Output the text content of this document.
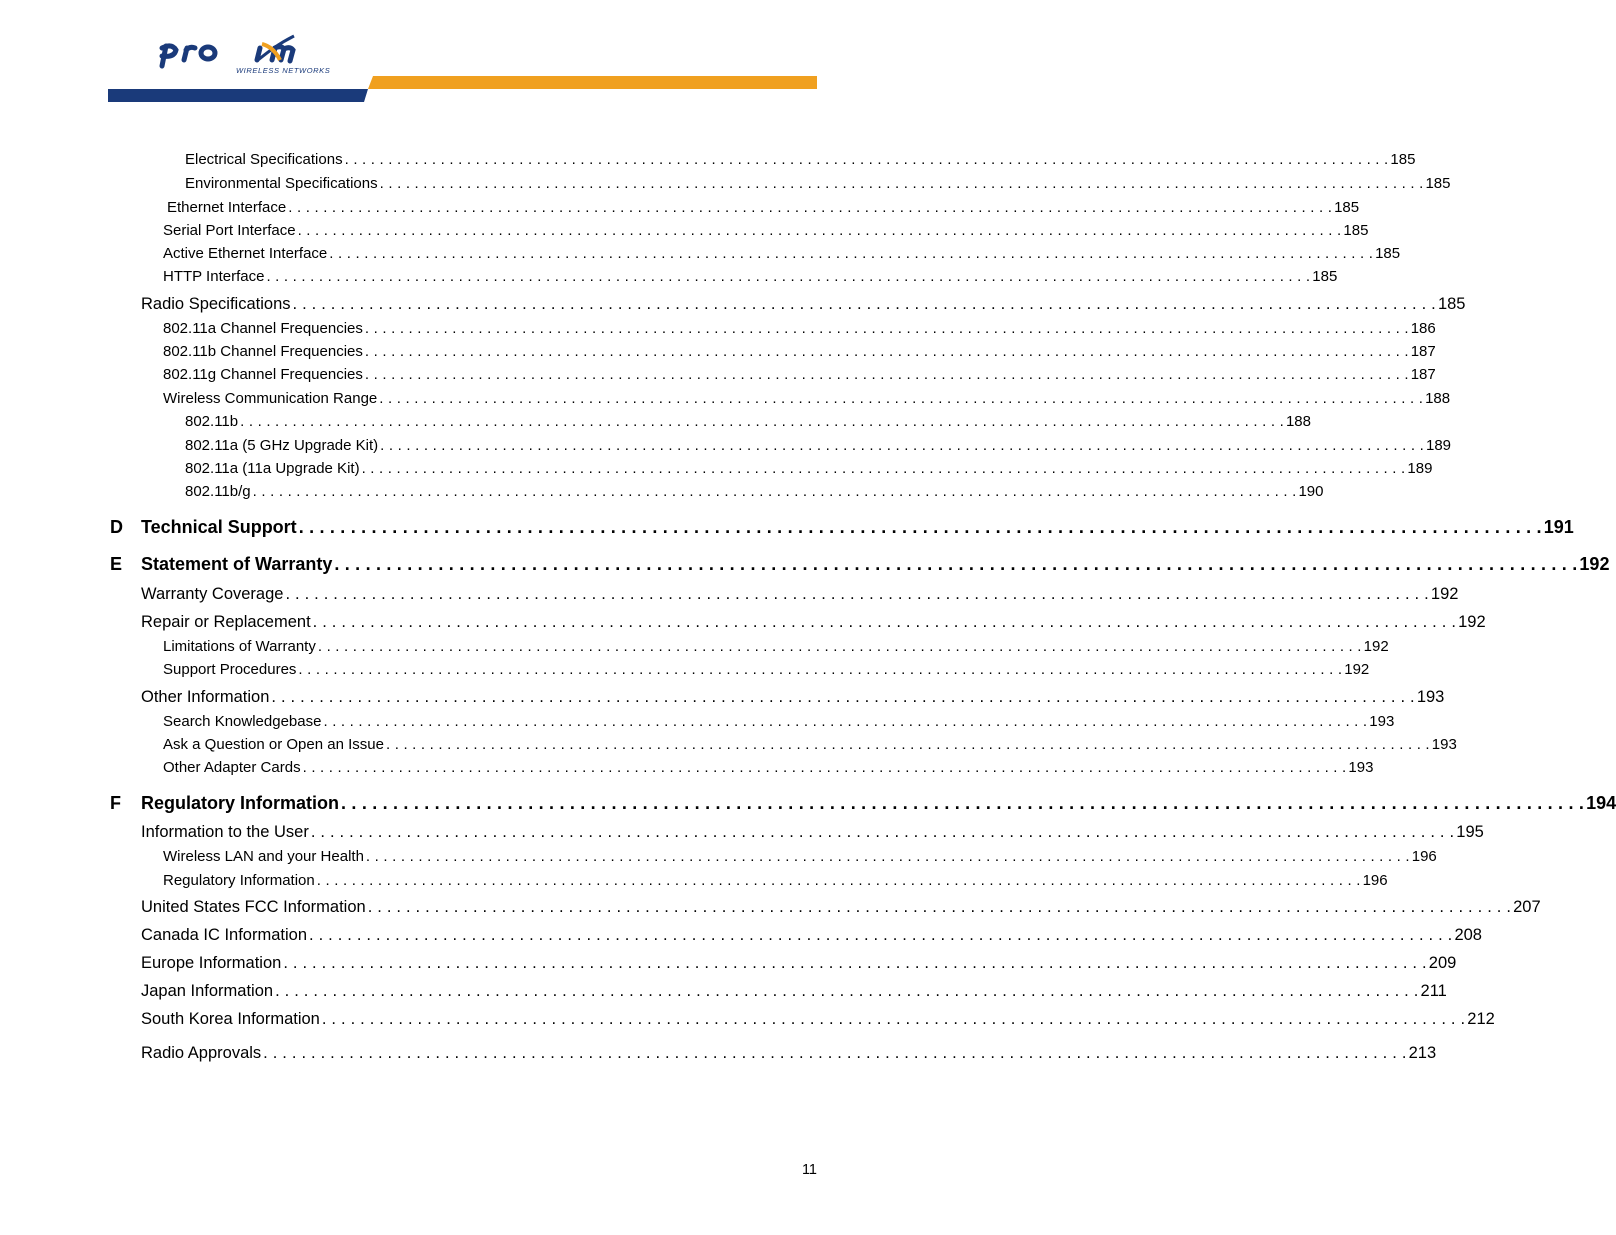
WIRELESS NETWORKS
Electrical Specifications . . . . . . . . . . . . . . . . . . . . . . . . . . . . . . . . . . . . . . . . . . . . . . . . . . . . . . . . . . . . . . . . . . . . . . . . . . . . . . . . . . . . . . . . . . . . . . . . . . . . . . . . . . . . . . . . . . . . . . . . 185
Environmental Specifications . . . . . . . . . . . . . . . . . . . . . . . . . . . . . . . . . . . . . . . . . . . . . . . . . . . . . . . . . . . . . . . . . . . . . . . . . . . . . . . . . . . . . . . . . . . . . . . . . . . . . . . . . . . . . . . . . . . . . . . . 185
Ethernet Interface . . . . . . . . . . . . . . . . . . . . . . . . . . . . . . . . . . . . . . . . . . . . . . . . . . . . . . . . . . . . . . . . . . . . . . . . . . . . . . . . . . . . . . . . . . . . . . . . . . . . . . . . . . . . . . . . . . . . . . . . 185
Serial Port Interface . . . . . . . . . . . . . . . . . . . . . . . . . . . . . . . . . . . . . . . . . . . . . . . . . . . . . . . . . . . . . . . . . . . . . . . . . . . . . . . . . . . . . . . . . . . . . . . . . . . . . . . . . . . . . . . . . . . . . . . . 185
Active Ethernet Interface . . . . . . . . . . . . . . . . . . . . . . . . . . . . . . . . . . . . . . . . . . . . . . . . . . . . . . . . . . . . . . . . . . . . . . . . . . . . . . . . . . . . . . . . . . . . . . . . . . . . . . . . . . . . . . . . . . . . . . . . 185
HTTP Interface . . . . . . . . . . . . . . . . . . . . . . . . . . . . . . . . . . . . . . . . . . . . . . . . . . . . . . . . . . . . . . . . . . . . . . . . . . . . . . . . . . . . . . . . . . . . . . . . . . . . . . . . . . . . . . . . . . . . . . . . 185
Radio Specifications . . . . . . . . . . . . . . . . . . . . . . . . . . . . . . . . . . . . . . . . . . . . . . . . . . . . . . . . . . . . . . . . . . . . . . . . . . . . . . . . . . . . . . . . . . . . . . . . . . . . . . . . . . . . . . . . . . . . . . . . 185
802.11a Channel Frequencies . . . . . . . . . . . . . . . . . . . . . . . . . . . . . . . . . . . . . . . . . . . . . . . . . . . . . . . . . . . . . . . . . . . . . . . . . . . . . . . . . . . . . . . . . . . . . . . . . . . . . . . . . . . . . . . . . . . . . . . . 186
802.11b Channel Frequencies . . . . . . . . . . . . . . . . . . . . . . . . . . . . . . . . . . . . . . . . . . . . . . . . . . . . . . . . . . . . . . . . . . . . . . . . . . . . . . . . . . . . . . . . . . . . . . . . . . . . . . . . . . . . . . . . . . . . . . . . 187
802.11g Channel Frequencies . . . . . . . . . . . . . . . . . . . . . . . . . . . . . . . . . . . . . . . . . . . . . . . . . . . . . . . . . . . . . . . . . . . . . . . . . . . . . . . . . . . . . . . . . . . . . . . . . . . . . . . . . . . . . . . . . . . . . . . . 187
Wireless Communication Range . . . . . . . . . . . . . . . . . . . . . . . . . . . . . . . . . . . . . . . . . . . . . . . . . . . . . . . . . . . . . . . . . . . . . . . . . . . . . . . . . . . . . . . . . . . . . . . . . . . . . . . . . . . . . . . . . . . . . . . . 188
802.11b . . . . . . . . . . . . . . . . . . . . . . . . . . . . . . . . . . . . . . . . . . . . . . . . . . . . . . . . . . . . . . . . . . . . . . . . . . . . . . . . . . . . . . . . . . . . . . . . . . . . . . . . . . . . . . . . . . . . . . . . 188
802.11a (5 GHz Upgrade Kit) . . . . . . . . . . . . . . . . . . . . . . . . . . . . . . . . . . . . . . . . . . . . . . . . . . . . . . . . . . . . . . . . . . . . . . . . . . . . . . . . . . . . . . . . . . . . . . . . . . . . . . . . . . . . . . . . . . . . . . . . 189
802.11a (11a Upgrade Kit) . . . . . . . . . . . . . . . . . . . . . . . . . . . . . . . . . . . . . . . . . . . . . . . . . . . . . . . . . . . . . . . . . . . . . . . . . . . . . . . . . . . . . . . . . . . . . . . . . . . . . . . . . . . . . . . . . . . . . . . . 189
802.11b/g . . . . . . . . . . . . . . . . . . . . . . . . . . . . . . . . . . . . . . . . . . . . . . . . . . . . . . . . . . . . . . . . . . . . . . . . . . . . . . . . . . . . . . . . . . . . . . . . . . . . . . . . . . . . . . . . . . . . . . . . 190
D Technical Support . . . . . . . . . . . . . . . . . . . . . . . . . . . . . . . . . . . . . . . . . . . . . . . . . . . . . . . . . . . . . . . . . . . . . . . . . . . . . . . . . . . . . . . . . . . . . . . . . . . . . . . . . . . . . . . . . . . . . . . . 191
E Statement of Warranty . . . . . . . . . . . . . . . . . . . . . . . . . . . . . . . . . . . . . . . . . . . . . . . . . . . . . . . . . . . . . . . . . . . . . . . . . . . . . . . . . . . . . . . . . . . . . . . . . . . . . . . . . . . . . . . . . . . . . . . . 192
Warranty Coverage . . . . . . . . . . . . . . . . . . . . . . . . . . . . . . . . . . . . . . . . . . . . . . . . . . . . . . . . . . . . . . . . . . . . . . . . . . . . . . . . . . . . . . . . . . . . . . . . . . . . . . . . . . . . . . . . . . . . . . . . 192
Repair or Replacement . . . . . . . . . . . . . . . . . . . . . . . . . . . . . . . . . . . . . . . . . . . . . . . . . . . . . . . . . . . . . . . . . . . . . . . . . . . . . . . . . . . . . . . . . . . . . . . . . . . . . . . . . . . . . . . . . . . . . . . . 192
Limitations of Warranty . . . . . . . . . . . . . . . . . . . . . . . . . . . . . . . . . . . . . . . . . . . . . . . . . . . . . . . . . . . . . . . . . . . . . . . . . . . . . . . . . . . . . . . . . . . . . . . . . . . . . . . . . . . . . . . . . . . . . . . . 192
Support Procedures . . . . . . . . . . . . . . . . . . . . . . . . . . . . . . . . . . . . . . . . . . . . . . . . . . . . . . . . . . . . . . . . . . . . . . . . . . . . . . . . . . . . . . . . . . . . . . . . . . . . . . . . . . . . . . . . . . . . . . . . 192
Other Information . . . . . . . . . . . . . . . . . . . . . . . . . . . . . . . . . . . . . . . . . . . . . . . . . . . . . . . . . . . . . . . . . . . . . . . . . . . . . . . . . . . . . . . . . . . . . . . . . . . . . . . . . . . . . . . . . . . . . . . . 193
Search Knowledgebase . . . . . . . . . . . . . . . . . . . . . . . . . . . . . . . . . . . . . . . . . . . . . . . . . . . . . . . . . . . . . . . . . . . . . . . . . . . . . . . . . . . . . . . . . . . . . . . . . . . . . . . . . . . . . . . . . . . . . . . . 193
Ask a Question or Open an Issue . . . . . . . . . . . . . . . . . . . . . . . . . . . . . . . . . . . . . . . . . . . . . . . . . . . . . . . . . . . . . . . . . . . . . . . . . . . . . . . . . . . . . . . . . . . . . . . . . . . . . . . . . . . . . . . . . . . . . . . . 193
Other Adapter Cards . . . . . . . . . . . . . . . . . . . . . . . . . . . . . . . . . . . . . . . . . . . . . . . . . . . . . . . . . . . . . . . . . . . . . . . . . . . . . . . . . . . . . . . . . . . . . . . . . . . . . . . . . . . . . . . . . . . . . . . . 193
F Regulatory Information . . . . . . . . . . . . . . . . . . . . . . . . . . . . . . . . . . . . . . . . . . . . . . . . . . . . . . . . . . . . . . . . . . . . . . . . . . . . . . . . . . . . . . . . . . . . . . . . . . . . . . . . . . . . . . . . . . . . . . . . 194
Information to the User . . . . . . . . . . . . . . . . . . . . . . . . . . . . . . . . . . . . . . . . . . . . . . . . . . . . . . . . . . . . . . . . . . . . . . . . . . . . . . . . . . . . . . . . . . . . . . . . . . . . . . . . . . . . . . . . . . . . . . . . 195
Wireless LAN and your Health . . . . . . . . . . . . . . . . . . . . . . . . . . . . . . . . . . . . . . . . . . . . . . . . . . . . . . . . . . . . . . . . . . . . . . . . . . . . . . . . . . . . . . . . . . . . . . . . . . . . . . . . . . . . . . . . . . . . . . . . 196
Regulatory Information . . . . . . . . . . . . . . . . . . . . . . . . . . . . . . . . . . . . . . . . . . . . . . . . . . . . . . . . . . . . . . . . . . . . . . . . . . . . . . . . . . . . . . . . . . . . . . . . . . . . . . . . . . . . . . . . . . . . . . . . 196
United States FCC Information . . . . . . . . . . . . . . . . . . . . . . . . . . . . . . . . . . . . . . . . . . . . . . . . . . . . . . . . . . . . . . . . . . . . . . . . . . . . . . . . . . . . . . . . . . . . . . . . . . . . . . . . . . . . . . . . . . . . . . . . 207
Canada IC Information . . . . . . . . . . . . . . . . . . . . . . . . . . . . . . . . . . . . . . . . . . . . . . . . . . . . . . . . . . . . . . . . . . . . . . . . . . . . . . . . . . . . . . . . . . . . . . . . . . . . . . . . . . . . . . . . . . . . . . . . 208
Europe Information . . . . . . . . . . . . . . . . . . . . . . . . . . . . . . . . . . . . . . . . . . . . . . . . . . . . . . . . . . . . . . . . . . . . . . . . . . . . . . . . . . . . . . . . . . . . . . . . . . . . . . . . . . . . . . . . . . . . . . . . 209
Japan Information . . . . . . . . . . . . . . . . . . . . . . . . . . . . . . . . . . . . . . . . . . . . . . . . . . . . . . . . . . . . . . . . . . . . . . . . . . . . . . . . . . . . . . . . . . . . . . . . . . . . . . . . . . . . . . . . . . . . . . . . 211
South Korea Information . . . . . . . . . . . . . . . . . . . . . . . . . . . . . . . . . . . . . . . . . . . . . . . . . . . . . . . . . . . . . . . . . . . . . . . . . . . . . . . . . . . . . . . . . . . . . . . . . . . . . . . . . . . . . . . . . . . . . . . . 212
Radio Approvals . . . . . . . . . . . . . . . . . . . . . . . . . . . . . . . . . . . . . . . . . . . . . . . . . . . . . . . . . . . . . . . . . . . . . . . . . . . . . . . . . . . . . . . . . . . . . . . . . . . . . . . . . . . . . . . . . . . . . . . . 213
11
